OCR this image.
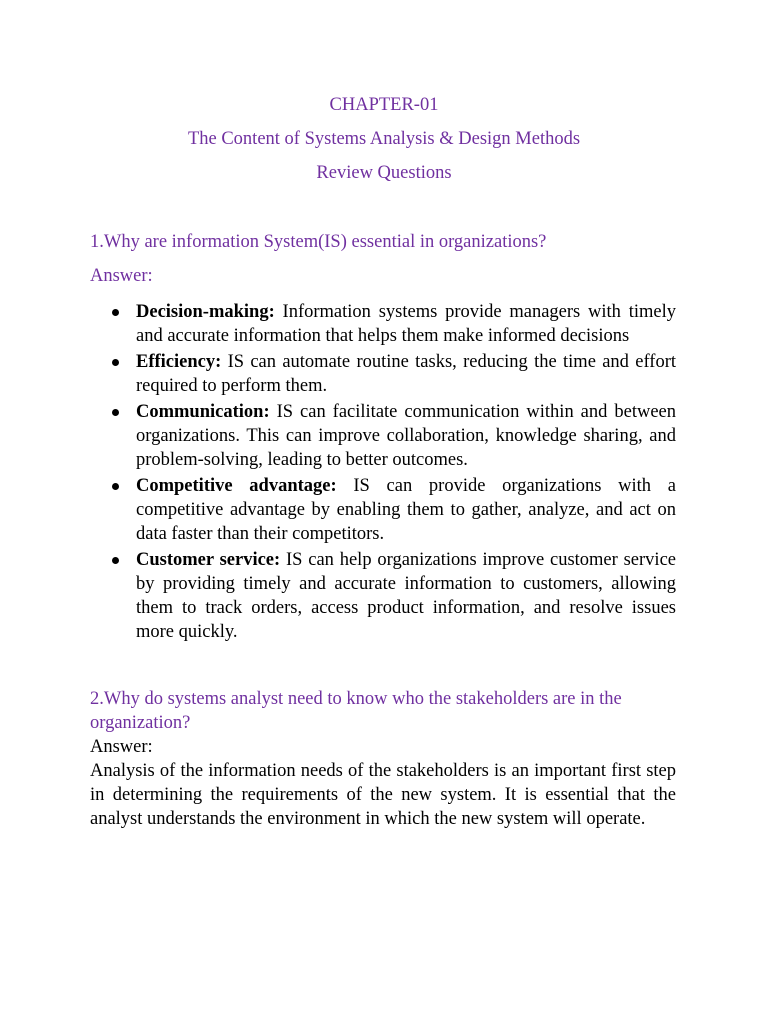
CHAPTER-01
The Content of Systems Analysis & Design Methods
Review Questions
1.Why are information System(IS) essential in organizations?
Answer:
Decision-making: Information systems provide managers with timely and accurate information that helps them make informed decisions
Efficiency: IS can automate routine tasks, reducing the time and effort required to perform them.
Communication: IS can facilitate communication within and between organizations. This can improve collaboration, knowledge sharing, and problem-solving, leading to better outcomes.
Competitive advantage: IS can provide organizations with a competitive advantage by enabling them to gather, analyze, and act on data faster than their competitors.
Customer service: IS can help organizations improve customer service by providing timely and accurate information to customers, allowing them to track orders, access product information, and resolve issues more quickly.
2.Why do systems analyst need to know who the stakeholders are in the organization?
Answer:
Analysis of the information needs of the stakeholders is an important first step in determining the requirements of the new system. It is essential that the analyst understands the environment in which the new system will operate.
